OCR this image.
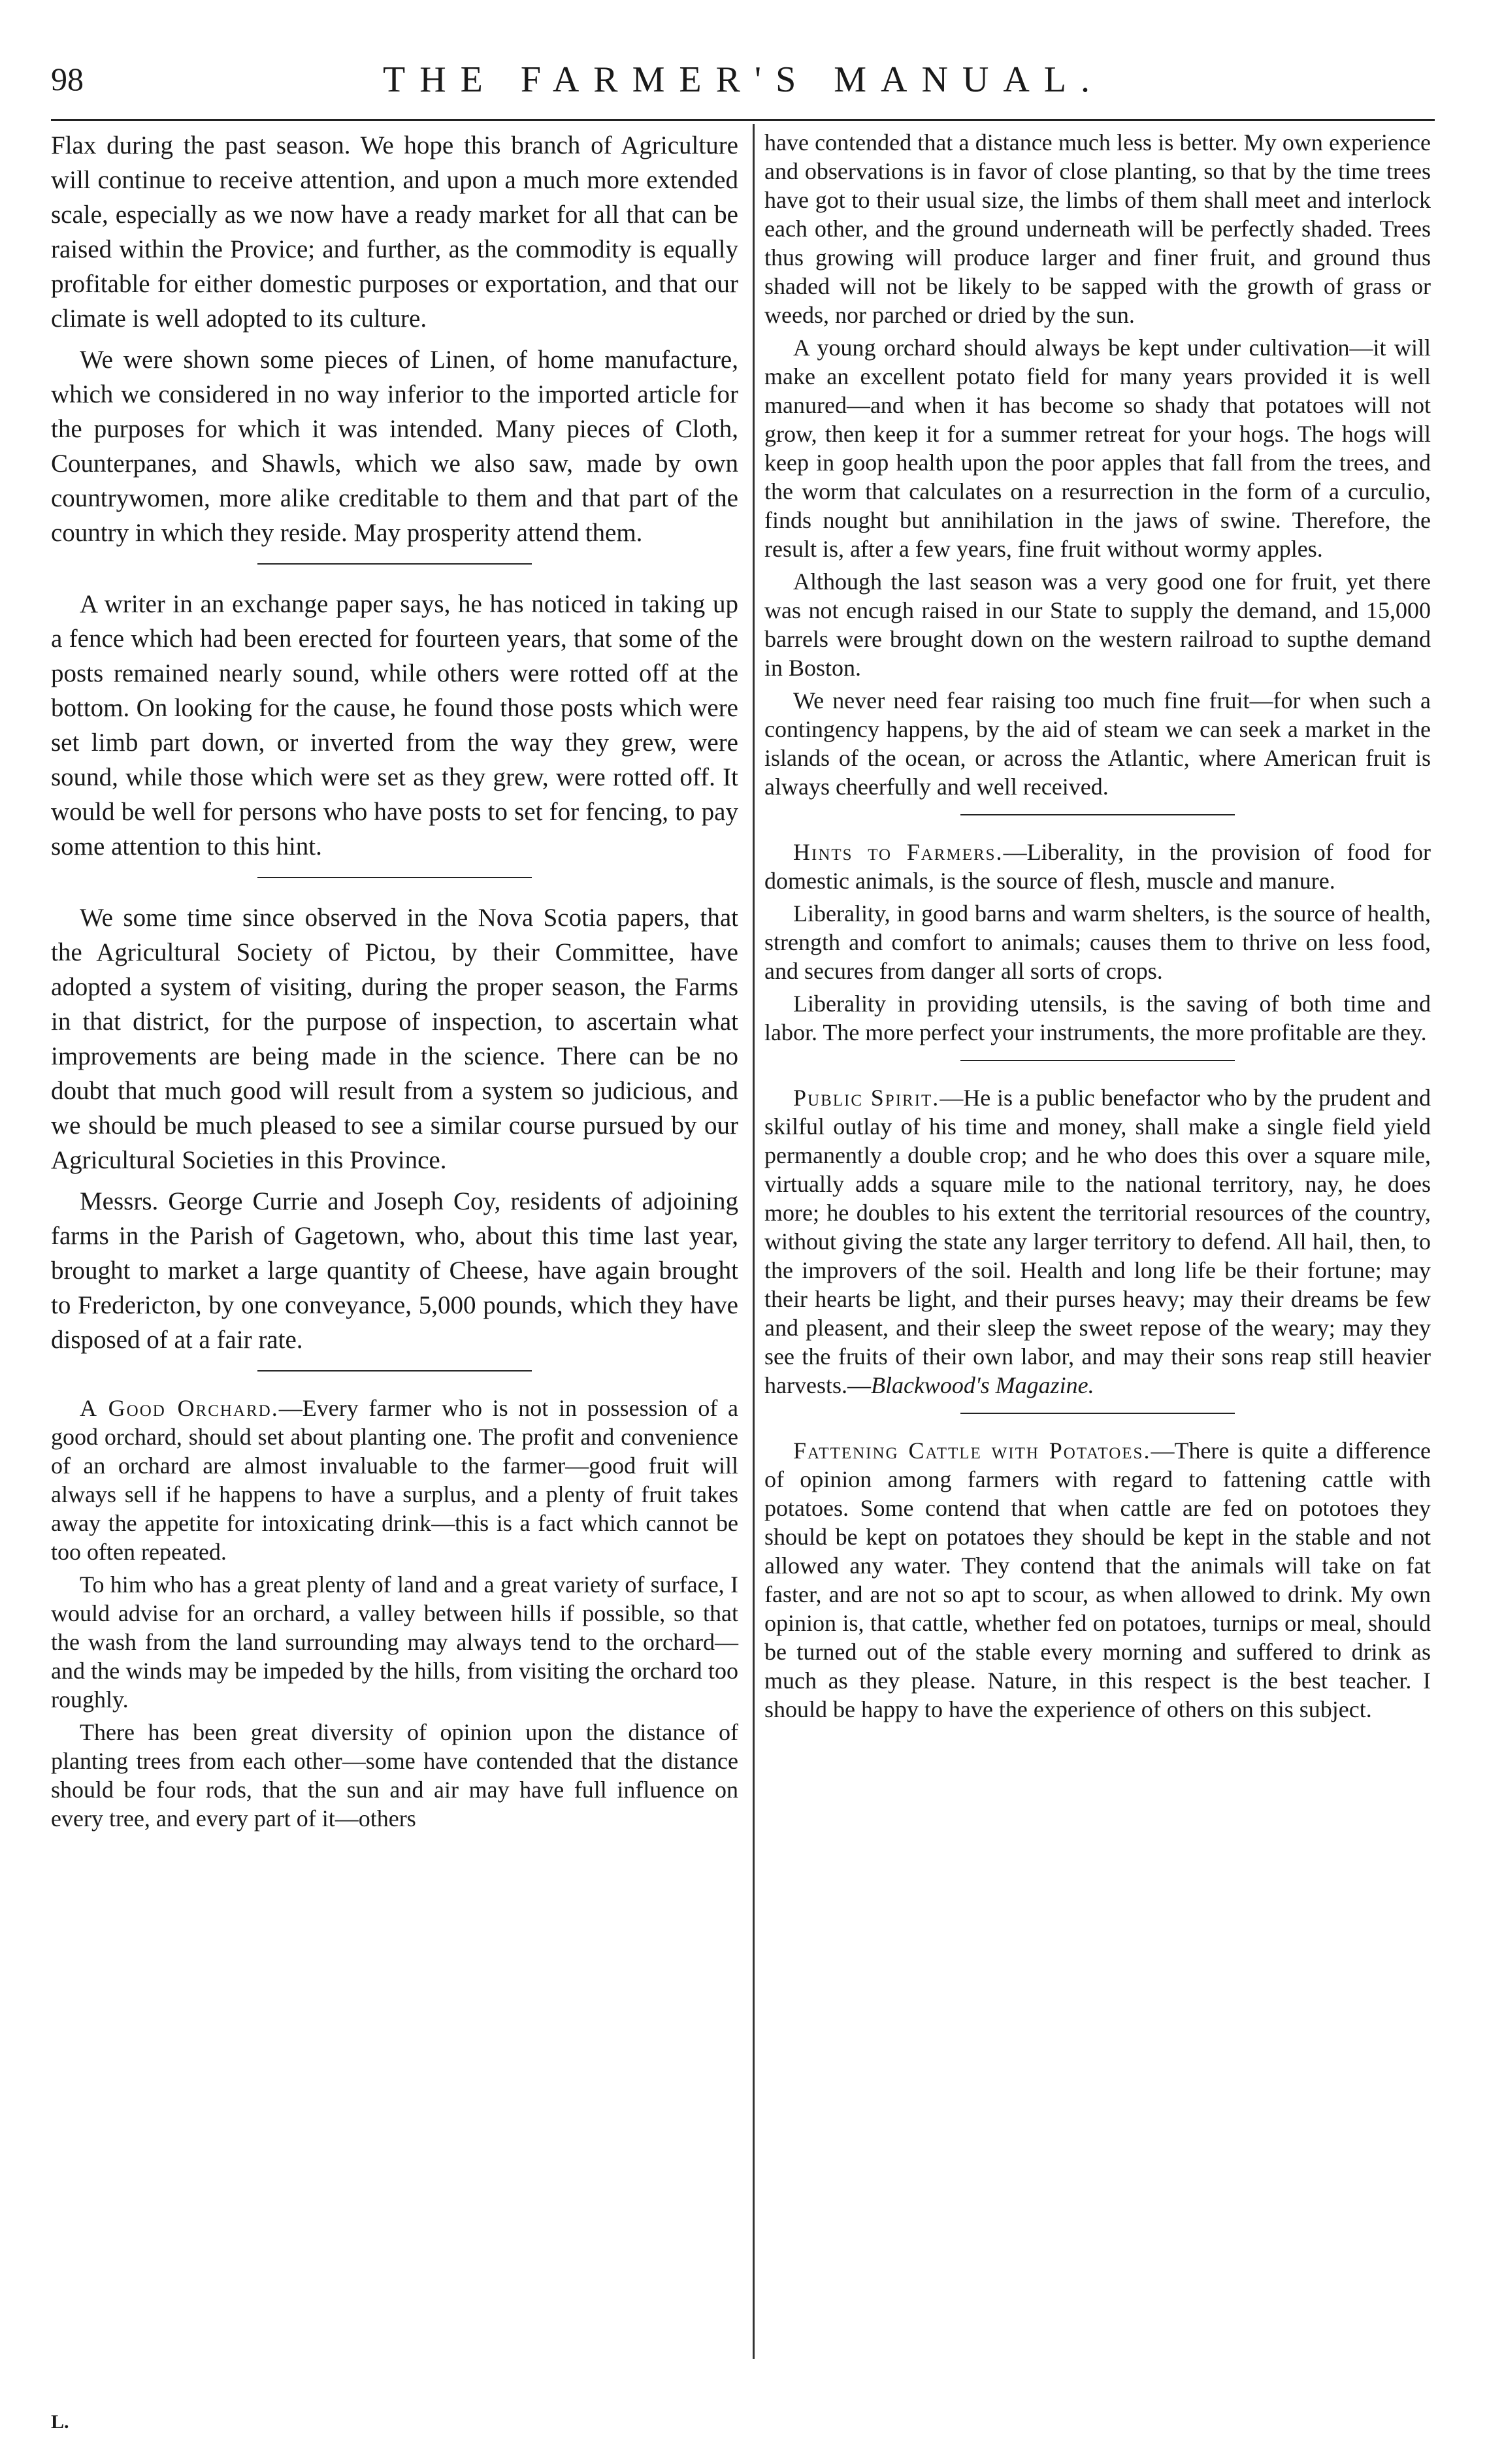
98	THE FARMER'S MANUAL.

Flax during the past season. We hope this branch of Agriculture will continue to receive attention, and upon a much more extended scale, especially as we now have a ready market for all that can be raised within the Provice; and further, as the commodity is equally profitable for either domestic purposes or exportation, and that our climate is well adopted to its culture.

We were shown some pieces of Linen, of home manufacture, which we considered in no way inferior to the imported article for the purposes for which it was intended. Many pieces of Cloth, Counterpanes, and Shawls, which we also saw, made by own countrywomen, more alike creditable to them and that part of the country in which they reside. May prosperity attend them.

A writer in an exchange paper says, he has noticed in taking up a fence which had been erected for fourteen years, that some of the posts remained nearly sound, while others were rotted off at the bottom. On looking for the cause, he found those posts which were set limb part down, or inverted from the way they grew, were sound, while those which were set as they grew, were rotted off. It would be well for persons who have posts to set for fencing, to pay some attention to this hint.

We some time since observed in the Nova Scotia papers, that the Agricultural Society of Pictou, by their Committee, have adopted a system of visiting, during the proper season, the Farms in that district, for the purpose of inspection, to ascertain what improvements are being made in the science. There can be no doubt that much good will result from a system so judicious, and we should be much pleased to see a similar course pursued by our Agricultural Societies in this Province.

Messrs. George Currie and Joseph Coy, residents of adjoining farms in the Parish of Gagetown, who, about this time last year, brought to market a large quantity of Cheese, have again brought to Fredericton, by one conveyance, 5,000 pounds, which they have disposed of at a fair rate.

A Good Orchard.—Every farmer who is not in possession of a good orchard, should set about planting one. The profit and convenience of an orchard are almost invaluable to the farmer—good fruit will always sell if he happens to have a surplus, and a plenty of fruit takes away the appetite for intoxicating drink—this is a fact which cannot be too often repeated.

To him who has a great plenty of land and a great variety of surface, I would advise for an orchard, a valley between hills if possible, so that the wash from the land surrounding may always tend to the orchard—and the winds may be impeded by the hills, from visiting the orchard too roughly.

There has been great diversity of opinion upon the distance of planting trees from each other—some have contended that the distance should be four rods, that the sun and air may have full influence on every tree, and every part of it—others

have contended that a distance much less is better. My own experience and observations is in favor of close planting, so that by the time trees have got to their usual size, the limbs of them shall meet and interlock each other, and the ground underneath will be perfectly shaded. Trees thus growing will produce larger and finer fruit, and ground thus shaded will not be likely to be sapped with the growth of grass or weeds, nor parched or dried by the sun.

A young orchard should always be kept under cultivation—it will make an excellent potato field for many years provided it is well manured—and when it has become so shady that potatoes will not grow, then keep it for a summer retreat for your hogs. The hogs will keep in goop health upon the poor apples that fall from the trees, and the worm that calculates on a resurrection in the form of a curculio, finds nought but annihilation in the jaws of swine. Therefore, the result is, after a few years, fine fruit without wormy apples.

Although the last season was a very good one for fruit, yet there was not encugh raised in our State to supply the demand, and 15,000 barrels were brought down on the western railroad to supthe demand in Boston.

We never need fear raising too much fine fruit—for when such a contingency happens, by the aid of steam we can seek a market in the islands of the ocean, or across the Atlantic, where American fruit is always cheerfully and well received.

Hints to Farmers.—Liberality, in the provision of food for domestic animals, is the source of flesh, muscle and manure.

Liberality, in good barns and warm shelters, is the source of health, strength and comfort to animals; causes them to thrive on less food, and secures from danger all sorts of crops.

Liberality in providing utensils, is the saving of both time and labor. The more perfect your instruments, the more profitable are they.

Public Spirit.—He is a public benefactor who by the prudent and skilful outlay of his time and money, shall make a single field yield permanently a double crop; and he who does this over a square mile, virtually adds a square mile to the national territory, nay, he does more; he doubles to his extent the territorial resources of the country, without giving the state any larger territory to defend. All hail, then, to the improvers of the soil. Health and long life be their fortune; may their hearts be light, and their purses heavy; may their dreams be few and pleasent, and their sleep the sweet repose of the weary; may they see the fruits of their own labor, and may their sons reap still heavier harvests.—Blackwood's Magazine.

Fattening Cattle with Potatoes.—There is quite a difference of opinion among farmers with regard to fattening cattle with potatoes. Some contend that when cattle are fed on pototoes they should be kept on potatoes they should be kept in the stable and not allowed any water. They contend that the animals will take on fat faster, and are not so apt to scour, as when allowed to drink. My own opinion is, that cattle, whether fed on potatoes, turnips or meal, should be turned out of the stable every morning and suffered to drink as much as they please. Nature, in this respect is the best teacher. I should be happy to have the experience of others on this subject.

L.
